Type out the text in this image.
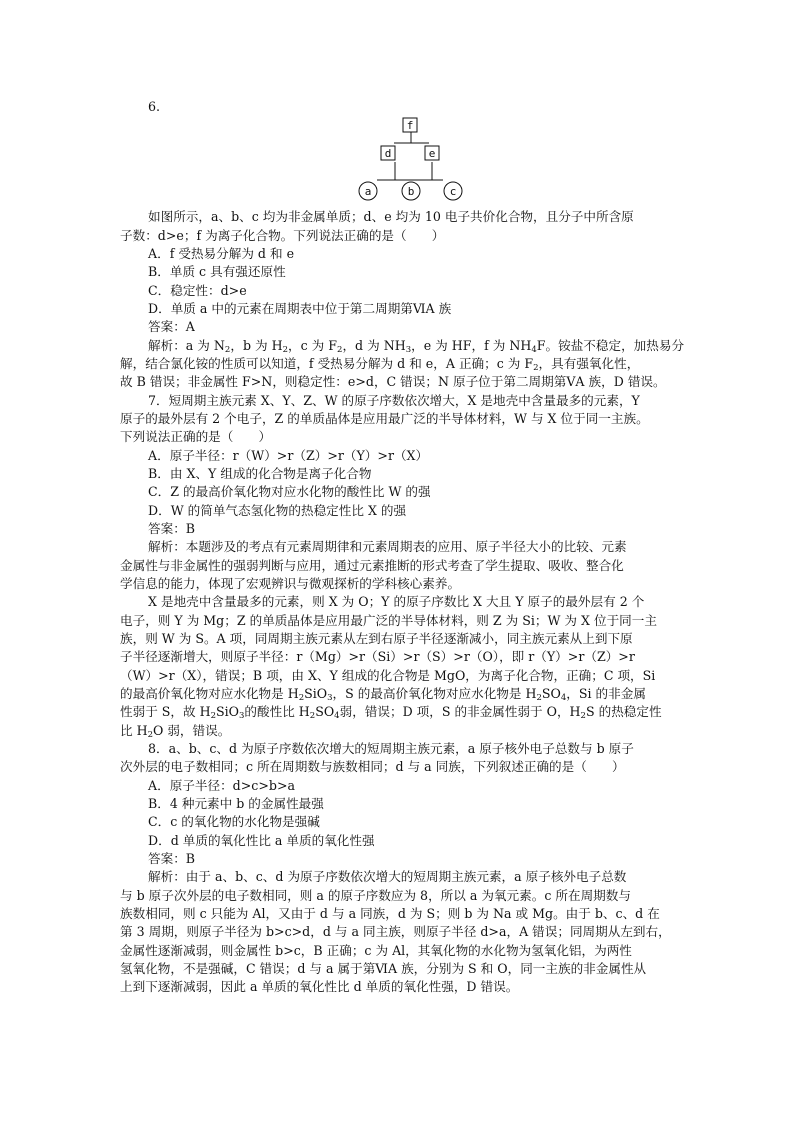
6.
f
d	e
a	b	c
如图所示，a、b、c 均为非金属单质；d、e 均为 10 电子共价化合物，且分子中所含原
子数：d>e；f 为离子化合物。下列说法正确的是（　　）
A．f 受热易分解为 d 和 e
B．单质 c 具有强还原性
C．稳定性：d>e
D．单质 a 中的元素在周期表中位于第二周期第ⅥA 族
答案：A
解析：a 为 $N_2$，b 为 $H_2$，c 为 $F_2$，d 为 $NH_3$，e 为 HF，f 为 $NH_4F$。铵盐不稳定，加热易分
解，结合氯化铵的性质可以知道，f 受热易分解为 d 和 e，A 正确；c 为 $F_2$，具有强氧化性，
故 B 错误；非金属性 F>N，则稳定性：e>d，C 错误；N 原子位于第二周期第ⅤA 族，D 错误。
7．短周期主族元素 X、Y、Z、W 的原子序数依次增大，X 是地壳中含量最多的元素，Y
原子的最外层有 2 个电子，Z 的单质晶体是应用最广泛的半导体材料，W 与 X 位于同一主族。
下列说法正确的是（　　）
A．原子半径：r（W）>r（Z）>r（Y）>r（X）
B．由 X、Y 组成的化合物是离子化合物
C．Z 的最高价氧化物对应水化物的酸性比 W 的强
D．W 的简单气态氢化物的热稳定性比 X 的强
答案：B
解析：本题涉及的考点有元素周期律和元素周期表的应用、原子半径大小的比较、元素
金属性与非金属性的强弱判断与应用，通过元素推断的形式考查了学生提取、吸收、整合化
学信息的能力，体现了宏观辨识与微观探析的学科核心素养。
X 是地壳中含量最多的元素，则 X 为 O；Y 的原子序数比 X 大且 Y 原子的最外层有 2 个
电子，则 Y 为 Mg；Z 的单质晶体是应用最广泛的半导体材料，则 Z 为 Si；W 为 X 位于同一主
族，则 W 为 S。A 项，同周期主族元素从左到右原子半径逐渐减小，同主族元素从上到下原
子半径逐渐增大，则原子半径：r（Mg）>r（Si）>r（S）>r（O），即 r（Y）>r（Z）>r
（W）>r（X），错误；B 项，由 X、Y 组成的化合物是 MgO，为离子化合物，正确；C 项，Si
的最高价氧化物对应水化物是 $H_2SiO_3$，S 的最高价氧化物对应水化物是 $H_2SO_4$，Si 的非金属
性弱于 S，故 $H_2SiO_3$的酸性比 $H_2SO_4$弱，错误；D 项，S 的非金属性弱于 O，$H_2S$ 的热稳定性
比 $H_2O$ 弱，错误。
8．a、b、c、d 为原子序数依次增大的短周期主族元素，a 原子核外电子总数与 b 原子
次外层的电子数相同；c 所在周期数与族数相同；d 与 a 同族，下列叙述正确的是（　　）
A．原子半径：d>c>b>a
B．4 种元素中 b 的金属性最强
C．c 的氧化物的水化物是强碱
D．d 单质的氧化性比 a 单质的氧化性强
答案：B
解析：由于 a、b、c、d 为原子序数依次增大的短周期主族元素，a 原子核外电子总数
与 b 原子次外层的电子数相同，则 a 的原子序数应为 8，所以 a 为氧元素。c 所在周期数与
族数相同，则 c 只能为 Al，又由于 d 与 a 同族，d 为 S；则 b 为 Na 或 Mg。由于 b、c、d 在
第 3 周期，则原子半径为 b>c>d，d 与 a 同主族，则原子半径 d>a，A 错误；同周期从左到右，
金属性逐渐减弱，则金属性 b>c，B 正确；c 为 Al，其氧化物的水化物为氢氧化铝，为两性
氢氧化物，不是强碱，C 错误；d 与 a 属于第ⅥA 族，分别为 S 和 O，同一主族的非金属性从
上到下逐渐减弱，因此 a 单质的氧化性比 d 单质的氧化性强，D 错误。
